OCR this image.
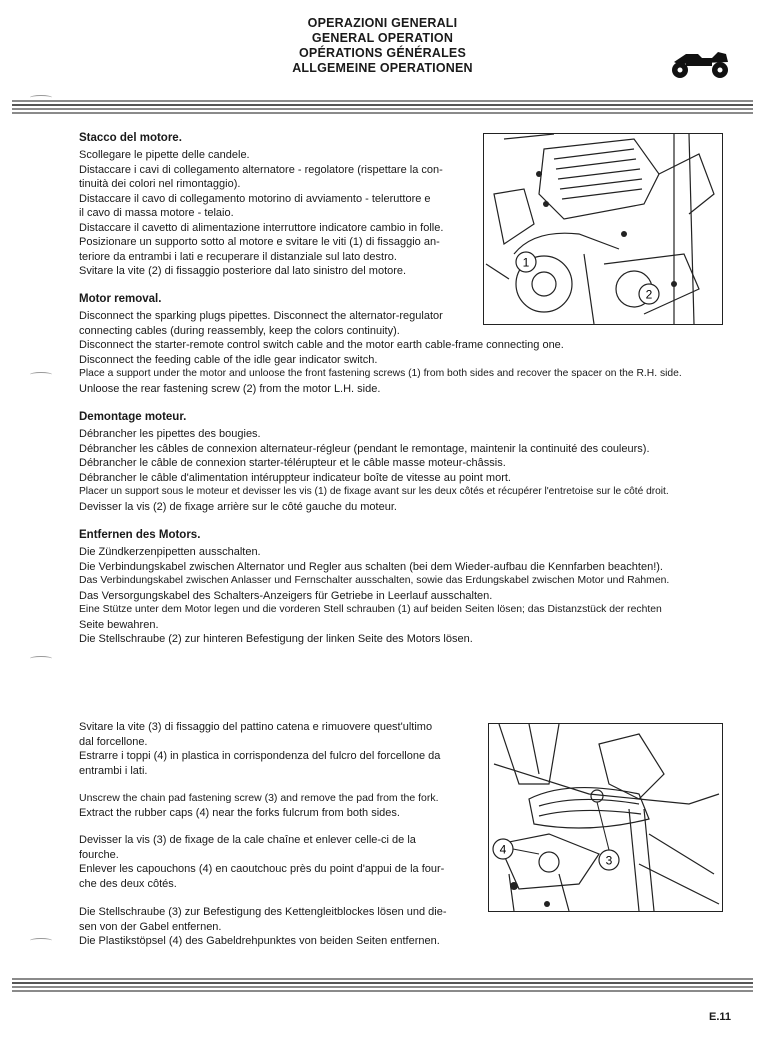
OPERAZIONI GENERALI
GENERAL OPERATION
OPÉRATIONS GÉNÉRALES
ALLGEMEINE OPERATIONEN
Stacco del motore.

Scollegare le pipette delle candele.

Distaccare i cavi di collegamento alternatore - regolatore (rispettare la con-

tinuità dei colori nel rimontaggio).

Distaccare il cavo di collegamento motorino di avviamento - teleruttore e

il cavo di massa motore - telaio.

Distaccare il cavetto di alimentazione interruttore indicatore cambio in folle.

Posizionare un supporto sotto al motore e svitare le viti (1) di fissaggio an-

teriore da entrambi i lati e recuperare il distanziale sul lato destro.

Svitare la vite (2) di fissaggio posteriore dal lato sinistro del motore.

1
2
Motor removal.

Disconnect the sparking plugs pipettes. Disconnect the alternator-regulator

connecting cables (during reassembly, keep the colors continuity).

Disconnect the starter-remote control switch cable and the motor earth cable-frame connecting one.

Disconnect the feeding cable of the idle gear indicator switch.

Place a support under the motor and unloose the front fastening screws (1) from both sides and recover the spacer on the R.H. side.

Unloose the rear fastening screw (2) from the motor L.H. side.

Demontage moteur.

Débrancher les pipettes des bougies.

Débrancher les câbles de connexion alternateur-régleur (pendant le remontage, maintenir la continuité des couleurs).

Débrancher le câble de connexion starter-télérupteur et le câble masse moteur-châssis.

Débrancher le câble d'alimentation intéruppteur indicateur boîte de vitesse au point mort.

Placer un support sous le moteur et devisser les vis (1) de fixage avant sur les deux côtés et récupérer l'entretoise sur le côté droit.

Devisser la vis (2) de fixage arrière sur le côté gauche du moteur.

Entfernen des Motors.

Die Zündkerzenpipetten ausschalten.

Die Verbindungskabel zwischen Alternator und Regler aus schalten (bei dem Wieder-aufbau die Kennfarben beachten!).

Das Verbindungskabel zwischen Anlasser und Fernschalter ausschalten, sowie das Erdungskabel zwischen Motor und Rahmen.

Das Versorgungskabel des Schalters-Anzeigers für Getriebe in Leerlauf ausschalten.

Eine Stütze unter dem Motor legen und die vorderen Stell schrauben (1) auf beiden Seiten lösen; das Distanzstück der rechten

Seite bewahren.

Die Stellschraube (2) zur hinteren Befestigung der linken Seite des Motors lösen.

Svitare la vite (3) di fissaggio del pattino catena e rimuovere quest'ultimo

dal forcellone.

Estrarre i toppi (4) in plastica in corrispondenza del fulcro del forcellone da

entrambi i lati.

Unscrew the chain pad fastening screw (3) and remove the pad from the fork.

Extract the rubber caps (4) near the forks fulcrum from both sides.

Devisser la vis (3) de fixage de la cale chaîne et enlever celle-ci de la

fourche.

Enlever les capouchons (4) en caoutchouc près du point d'appui de la four-

che des deux côtés.

Die Stellschraube (3) zur Befestigung des Kettengleitblockes lösen und die-

sen von der Gabel entfernen.

Die Plastikstöpsel (4) des Gabeldrehpunktes von beiden Seiten entfernen.

4
3
E.11
